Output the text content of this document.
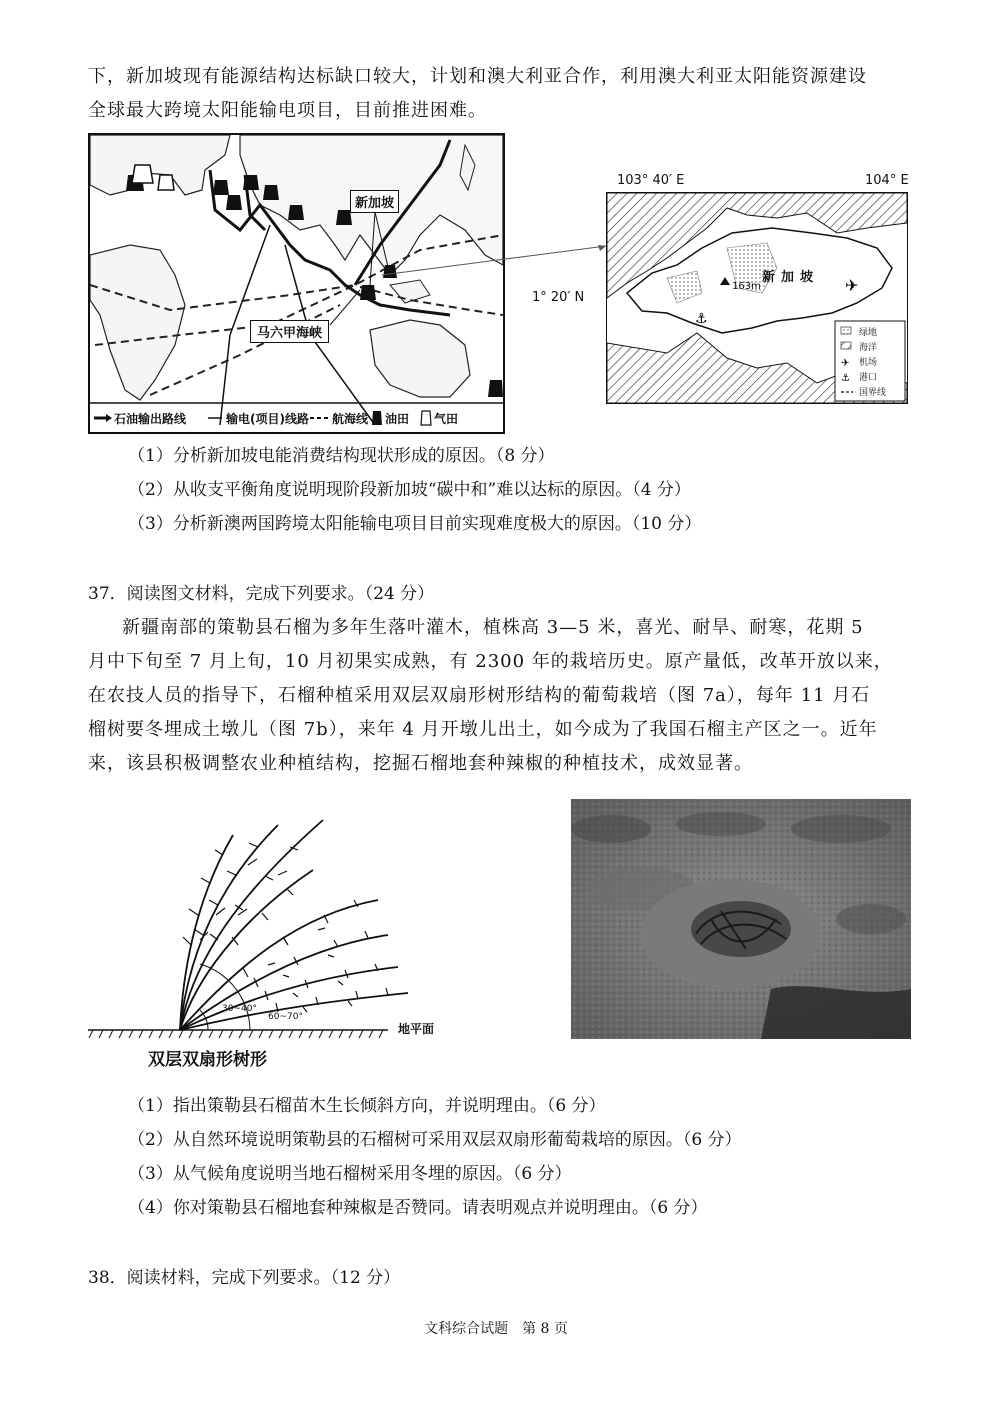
下，新加坡现有能源结构达标缺口较大，计划和澳大利亚合作，利用澳大利亚太阳能资源建设
全球最大跨境太阳能输电项目，目前推进困难。
新加坡
马六甲海峡
石油输出路线	输电(项目)线路 航海线 油田 气田
103° 40′ E	104° E
1° 20′ N
✈
⚓
✈
⚓
新加坡
163m
绿地
海洋
机场
港口
国界线
（1）分析新加坡电能消费结构现状形成的原因。（8 分）
（2）从收支平衡角度说明现阶段新加坡“碳中和”难以达标的原因。（4 分）
（3）分析新澳两国跨境太阳能输电项目目前实现难度极大的原因。（10 分）
37．阅读图文材料，完成下列要求。（24 分）
新疆南部的策勒县石榴为多年生落叶灌木，植株高 3—5 米，喜光、耐旱、耐寒，花期 5
月中下旬至 7 月上旬，10 月初果实成熟，有 2300 年的栽培历史。原产量低，改革开放以来，
在农技人员的指导下，石榴种植采用双层双扇形树形结构的葡萄栽培（图 7a），每年 11 月石
榴树要冬埋成土墩儿（图 7b），来年 4 月开墩儿出土，如今成为了我国石榴主产区之一。近年
来，该县积极调整农业种植结构，挖掘石榴地套种辣椒的种植技术，成效显著。
30~40°
60~70°
地平面
双层双扇形树形
（1）指出策勒县石榴苗木生长倾斜方向，并说明理由。（6 分）
（2）从自然环境说明策勒县的石榴树可采用双层双扇形葡萄栽培的原因。（6 分）
（3）从气候角度说明当地石榴树采用冬埋的原因。（6 分）
（4）你对策勒县石榴地套种辣椒是否赞同。请表明观点并说明理由。（6 分）
38．阅读材料，完成下列要求。（12 分）
文科综合试题　第 8 页
